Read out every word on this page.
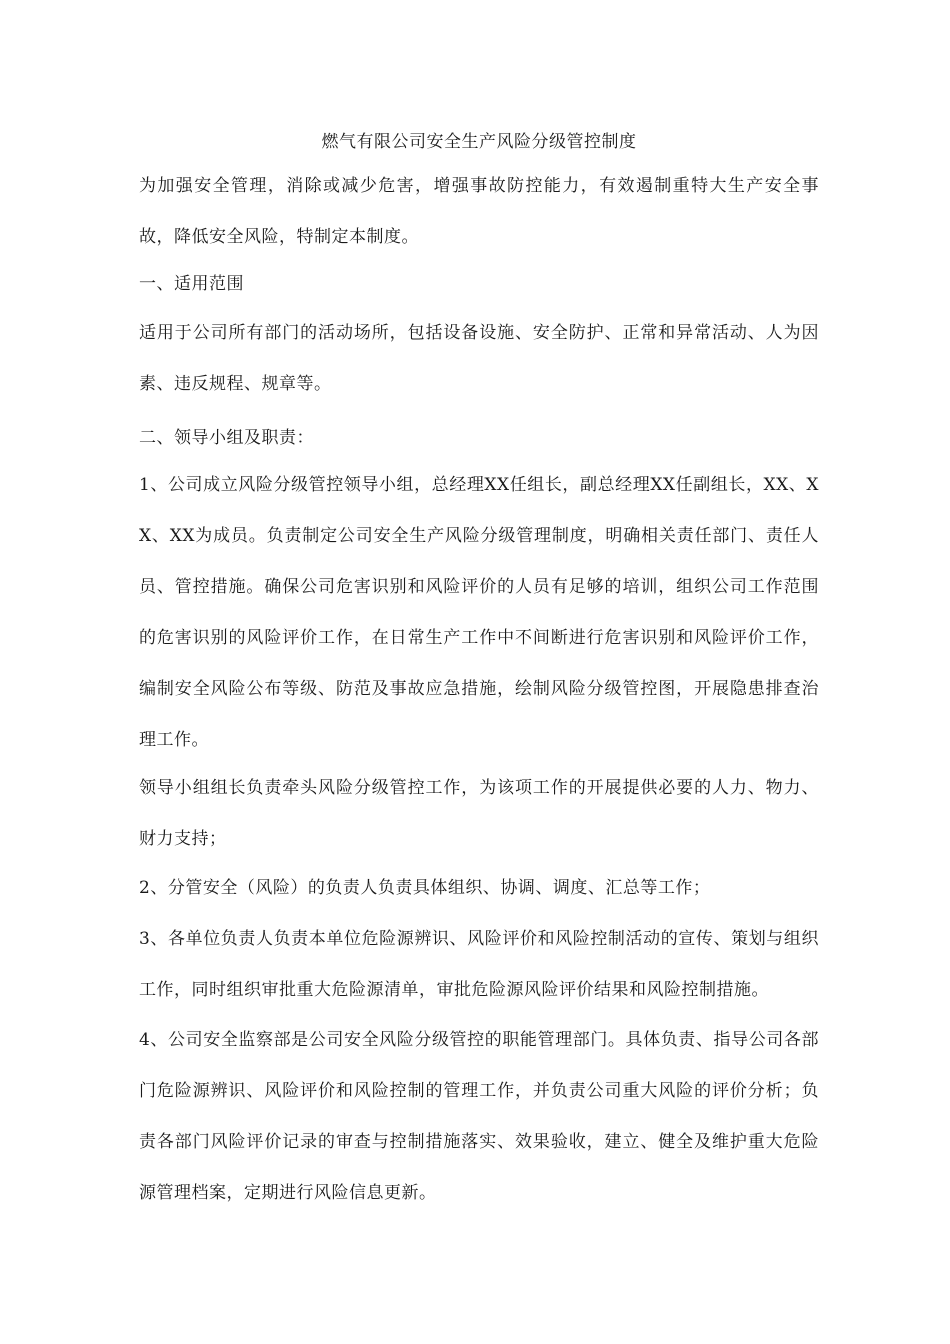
燃气有限公司安全生产风险分级管控制度

为加强安全管理，消除或减少危害，增强事故防控能力，有效遏制重特大生产安全事故，降低安全风险，特制定本制度。

一、适用范围

适用于公司所有部门的活动场所，包括设备设施、安全防护、正常和异常活动、人为因素、违反规程、规章等。

二、领导小组及职责：

1、公司成立风险分级管控领导小组，总经理XX任组长，副总经理XX任副组长，XX、XX、XX为成员。负责制定公司安全生产风险分级管理制度，明确相关责任部门、责任人员、管控措施。确保公司危害识别和风险评价的人员有足够的培训，组织公司工作范围的危害识别的风险评价工作，在日常生产工作中不间断进行危害识别和风险评价工作，编制安全风险公布等级、防范及事故应急措施，绘制风险分级管控图，开展隐患排查治理工作。

领导小组组长负责牵头风险分级管控工作，为该项工作的开展提供必要的人力、物力、财力支持；

2、分管安全（风险）的负责人负责具体组织、协调、调度、汇总等工作；

3、各单位负责人负责本单位危险源辨识、风险评价和风险控制活动的宣传、策划与组织工作，同时组织审批重大危险源清单，审批危险源风险评价结果和风险控制措施。

4、公司安全监察部是公司安全风险分级管控的职能管理部门。具体负责、指导公司各部门危险源辨识、风险评价和风险控制的管理工作，并负责公司重大风险的评价分析；负责各部门风险评价记录的审查与控制措施落实、效果验收，建立、健全及维护重大危险源管理档案，定期进行风险信息更新。
